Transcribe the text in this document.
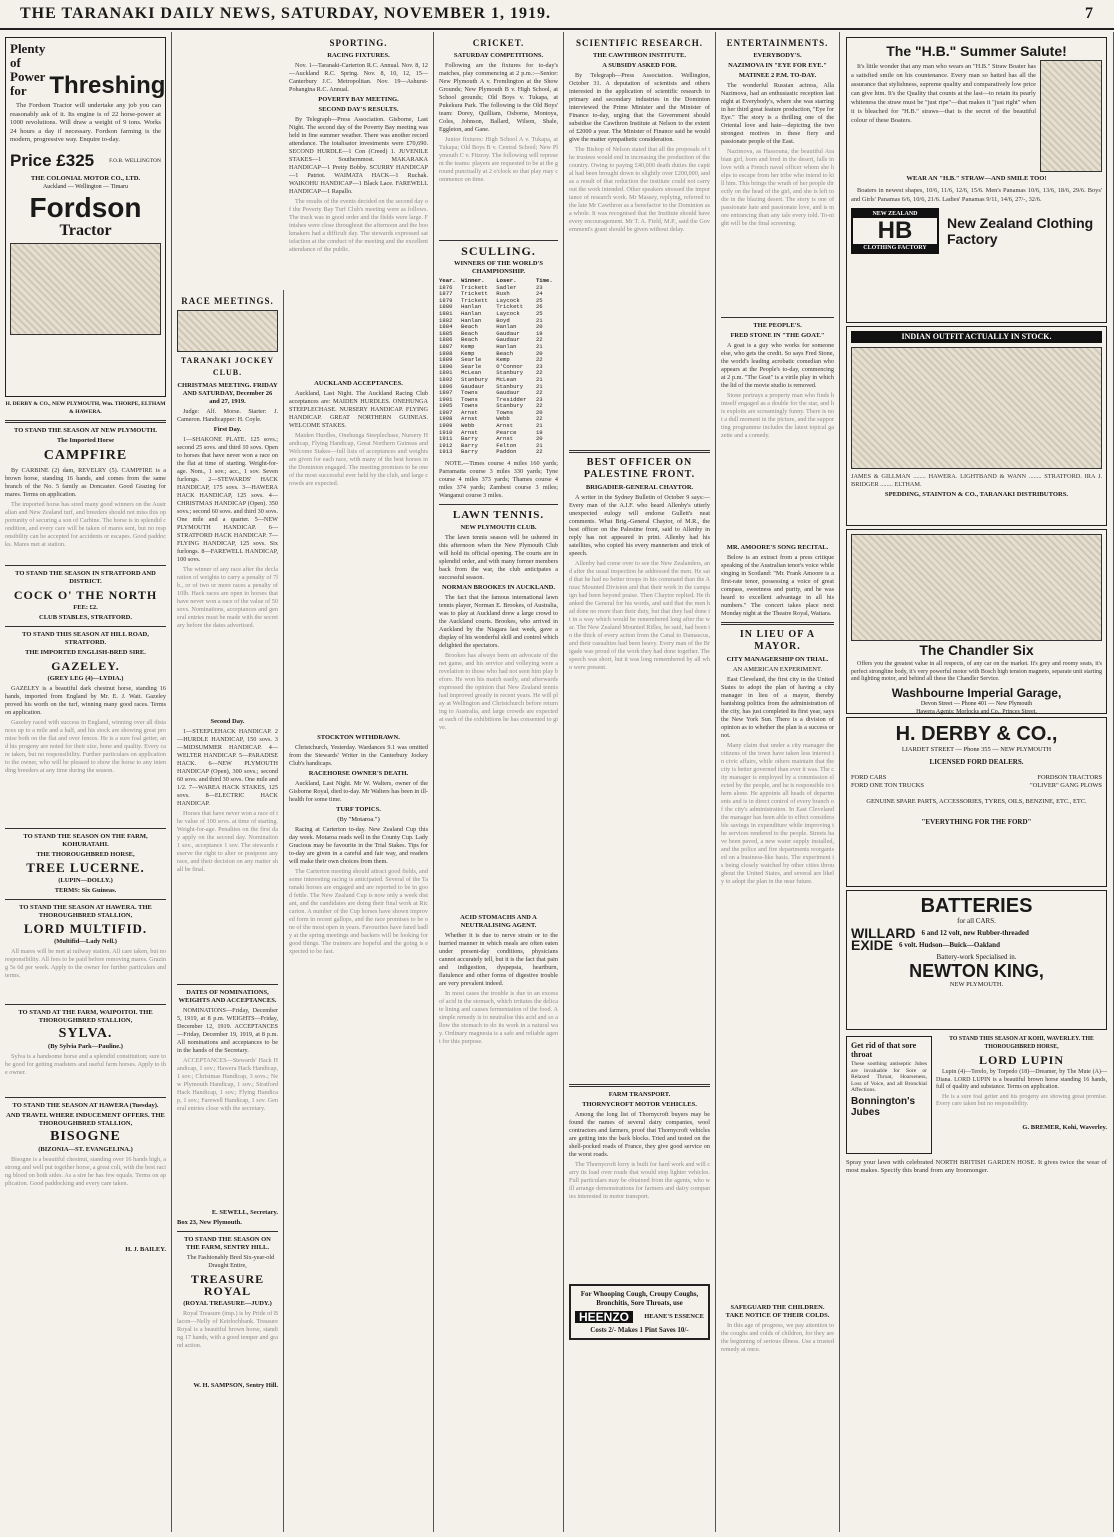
THE TARANAKI DAILY NEWS, SATURDAY, NOVEMBER 1, 1919.	7
Plenty of
Power for Threshing
The Fordson Tractor will undertake any job you can reasonably ask of it. Its engine is of 22 horse-power at 1000 revolutions. Will draw a weight of 9 tons. Works 24 hours a day if necessary. Fordson farming is the modern, progressive way. Enquire to-day.
Price £325	F.O.B. WELLINGTON
THE COLONIAL MOTOR CO., LTD.
Auckland — Wellington — Timaru
Fordson
Tractor
H. DERBY & CO., NEW PLYMOUTH, Wm. THORPE, ELTHAM & HAWERA.
TO STAND THE SEASON AT NEW PLYMOUTH.
The Imported Horse
CAMPFIRE
By CARBINE (2) dam, REVELRY (5). CAMPFIRE is a brown horse, standing 16 hands, and comes from the same branch of the No. 5 family as Doncaster. Good Grazing for mares. Terms on application.
The imported horse has sired many good winners on the Australian and New Zealand turf, and breeders should not miss this opportunity of securing a son of Carbine. The horse is in splendid condition, and every care will be taken of mares sent, but no responsibility can be accepted for accidents or escapes. Good paddocks. Mares met at station.
TO STAND THE SEASON IN STRATFORD AND DISTRICT.
COCK O' THE NORTH
FEE: £2.
CLUB STABLES, STRATFORD.
TO STAND THIS SEASON AT HILL ROAD, STRATFORD.
THE IMPORTED ENGLISH-BRED SIRE.
GAZELEY.
(GREY LEG (4)—LYDIA.)
GAZELEY is a beautiful dark chestnut horse, standing 16 hands, imported from England by Mr. E. J. Watt. Gazeley proved his worth on the turf, winning many good races. Terms on application.
Gazeley raced with success in England, winning over all distances up to a mile and a half, and his stock are showing great promise both on the flat and over fences. He is a sure foal getter, and his progeny are noted for their size, bone and quality. Every care taken, but no responsibility. Further particulars on application to the owner, who will be pleased to show the horse to any intending breeders at any time during the season.
TO STAND THE SEASON ON THE FARM, KOHURATAHI.
THE THOROUGHBRED HORSE,
TREE LUCERNE.
(LUPIN—DOLLY.)
TERMS: Six Guineas.
TO STAND THE SEASON AT HAWERA. THE THOROUGHBRED STALLION,
LORD MULTIFID.
(Multifid—Lady Nell.)
All mares will be met at railway station. All care taken, but no responsibility. All fees to be paid before removing mares. Grazing 5s 6d per week. Apply to the owner for further particulars and terms.
TO STAND AT THE FARM, WAIPOITOI. THE THOROUGHBRED STALLION,
SYLVA.
(By Sylvia Park—Pauline.)
Sylva is a handsome horse and a splendid constitution; sure to be good for getting roadsters and useful farm horses. Apply to the owner.
TO STAND THE SEASON AT HAWERA (Tuesday).
AND TRAVEL WHERE INDUCEMENT OFFERS. THE THOROUGHBRED STALLION,
BISOGNE
(BIZONIA—ST. EVANGELINA.)
Bisogne is a beautiful chestnut, standing over 16 hands high, a strong and well put together horse, a great colt, with the best racing blood on both sides. As a sire he has few equals. Terms on application. Good paddocking and every care taken.
H. J. BAILEY.
RACE MEETINGS.
TARANAKI JOCKEY CLUB.
CHRISTMAS MEETING. FRIDAY AND SATURDAY, December 26 and 27, 1919.
Judge: Alf. Morse. Starter: J. Cameron. Handicapper: H. Coyle.
First Day.
1—SHAKONE PLATE. 125 sovs.; second 25 sovs. and third 10 sovs. Open to horses that have never won a race on the flat at time of starting. Weight-for-age. Nom., 1 sov.; acc., 1 sov. Seven furlongs. 2—STEWARDS' HACK HANDICAP, 175 sovs. 3—HAWERA HACK HANDICAP, 125 sovs. 4—CHRISTMAS HANDICAP (Open). 350 sovs.; second 60 sovs. and third 30 sovs. One mile and a quarter. 5—NEW PLYMOUTH HANDICAP. 6—STRATFORD HACK HANDICAP. 7—FLYING HANDICAP, 125 sovs. Six furlongs. 8—FAREWELL HANDICAP, 100 sovs.
The winner of any race after the declaration of weights to carry a penalty of 7lb., or of two or more races a penalty of 10lb. Hack races are open to horses that have never won a race of the value of 50 sovs. Nominations, acceptances and general entries must be made with the secretary before the dates advertised.
Second Day.
1—STEEPLEHACK HANDICAP. 2—HURDLE HANDICAP, 150 sovs. 3—MIDSUMMER HANDICAP. 4—WELTER HANDICAP. 5—PARADISE HACK. 6—NEW PLYMOUTH HANDICAP (Open), 300 sovs.; second 60 sovs. and third 30 sovs. One mile and 1/2. 7—WAREA HACK STAKES, 125 sovs. 8—ELECTRIC HACK HANDICAP.
Horses that have never won a race of the value of 100 sovs. at time of starting. Weight-for-age. Penalties on the first day apply on the second day. Nomination 1 sov., acceptance 1 sov. The stewards reserve the right to alter or postpone any race, and their decision on any matter shall be final.
DATES OF NOMINATIONS, WEIGHTS AND ACCEPTANCES.
NOMINATIONS—Friday, December 5, 1919, at 8 p.m. WEIGHTS—Friday, December 12, 1919. ACCEPTANCES—Friday, December 19, 1919, at 8 p.m. All nominations and acceptances to be in the hands of the Secretary.
ACCEPTANCES—Stewards' Hack Handicap, 1 sov.; Hawera Hack Handicap, 1 sov.; Christmas Handicap, 3 sovs.; New Plymouth Handicap, 1 sov.; Stratford Hack Handicap, 1 sov.; Flying Handicap, 1 sov.; Farewell Handicap, 1 sov. General entries close with the secretary.
E. SEWELL, Secretary.
Box 23, New Plymouth.
TO STAND THE SEASON ON THE FARM, SENTRY HILL.
The Fashionably Bred Six-year-old Draught Entire,
TREASURE ROYAL
(ROYAL TREASURE—JUDY.)
Royal Treasure (imp.) is by Pride of Blacon—Nelly of Keirlochbank. Treasure Royal is a beautiful brown horse, standing 17 hands, with a good temper and grand action.
W. H. SAMPSON, Sentry Hill.
SPORTING.
RACING FIXTURES.
Nov. 1—Taranaki-Carterton R.C. Annual. Nov. 8, 12—Auckland R.C. Spring. Nov. 8, 10, 12, 15—Canterbury J.C. Metropolitan. Nov. 19—Ashurst-Pohangina R.C. Annual.
POVERTY BAY MEETING.
SECOND DAY'S RESULTS.
By Telegraph—Press Association. Gisborne, Last Night. The second day of the Poverty Bay meeting was held in fine summer weather. There was another record attendance. The totalisator investments were £70,690. SECOND HURDLE—1 Con (Creed) 1. JUVENILE STAKES—1 Southernmost. MAKARAKA HANDICAP—1 Pretty Bobby. SCURRY HANDICAP—1 Patriot. WAIMATA HACK—1 Ruchak. WAIKOHU HANDICAP—1 Black Lace. FAREWELL HANDICAP—1 Rapallo.
The results of the events decided on the second day of the Poverty Bay Turf Club's meeting were as follows. The track was in good order and the fields were large. Finishes were close throughout the afternoon and the bookmakers had a difficult day. The stewards expressed satisfaction at the conduct of the meeting and the excellent attendance of the public.
AUCKLAND ACCEPTANCES.
Auckland, Last Night. The Auckland Racing Club acceptances are: MAIDEN HURDLES. ONEHUNGA STEEPLECHASE. NURSERY HANDICAP. FLYING HANDICAP. GREAT NORTHERN GUINEAS. WELCOME STAKES.
Maiden Hurdles, Onehunga Steeplechase, Nursery Handicap, Flying Handicap, Great Northern Guineas and Welcome Stakes—full lists of acceptances and weights are given for each race, with many of the best horses in the Dominion engaged. The meeting promises to be one of the most successful ever held by the club, and large crowds are expected.
STOCKTON WITHDRAWN.
Christchurch, Yesterday. Wardances 9.1 was omitted from the Stewards' Writer in the Canterbury Jockey Club's handicaps.
RACEHORSE OWNER'S DEATH.
Auckland, Last Night. Mr W. Walters, owner of the Gisborne Royal, died to-day. Mr Walters has been in ill-health for some time.
TURF TOPICS.
(By "Motaroa.")
Racing at Carterton to-day. New Zealand Cup this day week. Motaroa reads well in the County Cup. Lady Gracious may be favourite in the Trial Stakes. Tips for to-day are given in a careful and fair way, and readers will make their own choices from them.
The Carterton meeting should attract good fields, and some interesting racing is anticipated. Several of the Taranaki horses are engaged and are reported to be in good fettle. The New Zealand Cup is now only a week distant, and the candidates are doing their final work at Riccarton. A number of the Cup horses have shown improved form in recent gallops, and the race promises to be one of the most open in years. Favourites have fared badly at the spring meetings and backers will be looking for good things. The trainers are hopeful and the going is expected to be fast.
CRICKET.
SATURDAY COMPETITIONS.
Following are the fixtures for to-day's matches, play commencing at 2 p.m.:—Senior: New Plymouth A v. Fremlington at the Show Grounds; New Plymouth B v. High School, at School grounds; Old Boys v. Tukapa, at Pukekura Park. The following is the Old Boys' team: Dorey, Quilliam, Osborne, Montoya, Coles, Johnson, Ballard, Wilson, Shale, Eggleton, and Gane.
Junior fixtures: High School A v. Tukapa, at Tukapa; Old Boys B v. Central School; New Plymouth C v. Fitzroy. The following will represent the teams: players are requested to be at the ground punctually at 2 o'clock so that play may commence on time.
SCULLING.
WINNERS OF THE WORLD'S CHAMPIONSHIP.
Year.	Winner.	Loser.	Time.
1876	Trickett	Sadler	23
1877	Trickett	Rush	24
1879	Trickett	Laycock	25
1880	Hanlan	Trickett	26
1881	Hanlan	Laycock	25
1882	Hanlan	Boyd	21
1884	Beach	Hanlan	20
1885	Beach	Gaudaur	19
1886	Beach	Gaudaur	22
1887	Kemp	Hanlan	21
1888	Kemp	Beach	20
1889	Searle	Kemp	22
1890	Searle	O'Connor	23
1891	McLean	Stanbury	22
1892	Stanbury	McLean	21
1896	Gaudaur	Stanbury	21
1897	Towns	Gaudaur	22
1901	Towns	Tresidder	23
1905	Towns	Stanbury	22
1907	Arnst	Towns	20
1908	Arnst	Webb	22
1909	Webb	Arnst	21
1910	Arnst	Pearce	19
1911	Barry	Arnst	20
1912	Barry	Felton	21
1913	Barry	Paddon	22
NOTE.—Times course 4 miles 160 yards; Parramatta course 3 miles 330 yards; Tyne course 4 miles 373 yards; Thames course 4 miles 374 yards; Zambesi course 3 miles; Wanganui course 3 miles.
LAWN TENNIS.
NEW PLYMOUTH CLUB.
The lawn tennis season will be ushered in this afternoon when the New Plymouth Club will hold its official opening. The courts are in splendid order, and with many former members back from the war, the club anticipates a successful season.
NORMAN BROOKES IN AUCKLAND.
The fact that the famous international lawn tennis player, Norman E. Brookes, of Australia, was to play at Auckland drew a large crowd to the Auckland courts. Brookes, who arrived in Auckland by the Niagara last week, gave a display of his wonderful skill and control which delighted the spectators.
Brookes has always been an advocate of the net game, and his service and volleying were a revelation to those who had not seen him play before. He won his match easily, and afterwards expressed the opinion that New Zealand tennis had improved greatly in recent years. He will play at Wellington and Christchurch before returning to Australia, and large crowds are expected at each of the exhibitions he has consented to give.
ACID STOMACHS AND A NEUTRALISING AGENT.
Whether it is due to nerve strain or to the hurried manner in which meals are often eaten under present-day conditions, physicians cannot accurately tell, but it is the fact that pain and indigestion, dyspepsia, heartburn, flatulence and other forms of digestive trouble are very prevalent indeed.
In most cases the trouble is due to an excess of acid in the stomach, which irritates the delicate lining and causes fermentation of the food. A simple remedy is to neutralise this acid and so allow the stomach to do its work in a natural way. Ordinary magnesia is a safe and reliable agent for this purpose.
SCIENTIFIC RESEARCH.
THE CAWTHRON INSTITUTE.
A SUBSIDY ASKED FOR.
By Telegraph—Press Association. Wellington, October 31. A deputation of scientists and others interested in the application of scientific research to primary and secondary industries in the Dominion interviewed the Prime Minister and the Minister of Finance to-day, urging that the Government should subsidise the Cawthron Institute at Nelson to the extent of £2000 a year. The Minister of Finance said he would give the matter sympathetic consideration.
The Bishop of Nelson stated that all the proposals of the trustees would end in increasing the production of the country. Owing to paying £40,000 death duties the capital had been brought down to slightly over £200,000, and as a result of that reduction the institute could not carry out the work intended. Other speakers stressed the importance of research work. Mr Massey, replying, referred to the late Mr Cawthron as a benefactor to the Dominion as a whole. It was recognised that the Institute should have every encouragement. Mr T. A. Field, M.P., said the Government's grant should be given without delay.
BEST OFFICER ON PALESTINE FRONT.
BRIGADIER-GENERAL CHAYTOR.
A writer in the Sydney Bulletin of October 9 says:— Every man of the A.I.F. who heard Allenby's utterly unexpected eulogy will endorse Gullett's neat comments. What Brig.-General Chaytor, of M.R., the best officer on the Palestine front, said to Allenby in reply has not appeared in print. Allenby had his satellites, who copied his every mannerism and trick of speech.
Allenby had come over to see the New Zealanders, and after the usual inspection he addressed the men. He said that he had no better troops in his command than the Anzac Mounted Division and that their work in the campaign had been beyond praise. Then Chaytor replied. He thanked the General for his words, and said that the men had done no more than their duty, but that they had done it in a way which would be remembered long after the war. The New Zealand Mounted Rifles, he said, had been in the thick of every action from the Canal to Damascus, and their casualties had been heavy. Every man of the Brigade was proud of the work they had done together. The speech was short, but it was long remembered by all who were present.
FARM TRANSPORT.
THORNYCROFT MOTOR VEHICLES.
Among the long list of Thornycroft buyers may be found the names of several dairy companies, wool contractors and farmers, proof that Thornycroft vehicles are getting into the back blocks. Tried and tested on the shell-pocked roads of France, they give good service on the worst roads.
The Thornycroft lorry is built for hard work and will carry its load over roads that would stop lighter vehicles. Full particulars may be obtained from the agents, who will arrange demonstrations for farmers and dairy companies interested in motor transport.
For Whooping Cough, Croupy Coughs, Bronchitis, Sore Throats, use
HEENZO	HEANE'S ESSENCE
Costs 2/- Makes 1 Pint Saves 10/-
ENTERTAINMENTS.
EVERYBODY'S.
NAZIMOVA IN "EYE FOR EYE."
MATINEE 2 P.M. TO-DAY.
The wonderful Russian actress, Alla Nazimova, had an enthusiastic reception last night at Everybody's, where she was starring in her third great feature production, "Eye for Eye." The story is a thrilling one of the Oriental love and hate—depicting the two strongest motives in these fiery and passionate people of the East.
Nazimova, as Hassouna, the beautiful Arabian girl, born and bred in the desert, falls in love with a French naval officer whom she helps to escape from her tribe who intend to kill him. This brings the wrath of her people directly on the head of the girl, and she is left to die in the blazing desert. The story is one of passionate hate and passionate love, and is more entrancing than any tale every told. To-night will be the final screening.
THE PEOPLE'S.
FRED STONE IN "THE GOAT."
A goat is a guy who works for someone else, who gets the credit. So says Fred Stone, the world's leading acrobatic comedian who appears at the People's to-day, commencing at 2 p.m. "The Goat" is a virile play in which the lid of the movie studio is removed.
Stone portrays a property man who finds himself engaged as a double for the star, and his exploits are screamingly funny. There is not a dull moment in the picture, and the supporting programme includes the latest topical gazette and a comedy.
MR. AMOORE'S SONG RECITAL.
Below is an extract from a press critique speaking of the Australian tenor's voice while singing in Scotland: "Mr. Frank Amoore is a first-rate tenor, possessing a voice of great compass, sweetness and purity, and he was heard to excellent advantage in all his numbers." The concert takes place next Monday night at the Theatre Royal, Waitara.
IN LIEU OF A MAYOR.
CITY MANAGERSHIP ON TRIAL.
AN AMERICAN EXPERIMENT.
East Cleveland, the first city in the United States to adopt the plan of having a city manager in lieu of a mayor, thereby banishing politics from the administration of the city, has just completed its first year, says the New York Sun. There is a division of opinion as to whether the plan is a success or not.
Many claim that under a city manager the citizens of the town have taken less interest in civic affairs, while others maintain that the city is better governed than ever it was. The city manager is employed by a commission elected by the people, and he is responsible to them alone. He appoints all heads of departments and is in direct control of every branch of the city's administration. In East Cleveland the manager has been able to effect considerable savings in expenditure while improving the services rendered to the people. Streets have been paved, a new water supply installed, and the police and fire departments reorganised on a business-like basis. The experiment is being closely watched by other cities throughout the United States, and several are likely to adopt the plan in the near future.
SAFEGUARD THE CHILDREN. TAKE NOTICE OF THEIR COLDS.
In this age of progress, we pay attention to the coughs and colds of children, for they are the beginning of serious illness. Use a trusted remedy at once.
The "H.B." Summer Salute!
It's little wonder that any man who wears an "H.B." Straw Boater has a satisfied smile on his countenance. Every man so hatted has all the assurance that stylishness, supreme quality and comparatively low price can give him. It's the Quality that counts at the last—to retain its pearly whiteness the straw must be "just ripe"—that makes it "just right" when it is bleached for "H.B." straws—that is the secret of the beautiful colour of these Boaters.
WEAR AN "H.B." STRAW—AND SMILE TOO!
Boaters in newest shapes, 10/6, 11/6, 12/6, 15/6. Men's Panamas 10/6, 13/6, 18/6, 29/6. Boys' and Girls' Panamas 6/6, 10/6, 21/6. Ladies' Panamas 9/11, 14/6, 27/-, 32/6.
NEW ZEALAND
HB
CLOTHING FACTORY
New Zealand Clothing Factory
INDIAN OUTFIT ACTUALLY IN STOCK.
JAMES & GILLMAN ........ HAWERA. LIGHTBAND & WANN ........ STRATFORD. IRA J. BRIDGER ........ ELTHAM.
SPEDDING, STAINTON & CO., TARANAKI DISTRIBUTORS.
The Chandler Six
Offers you the greatest value in all respects, of any car on the market. It's grey and roomy seats, it's perfect strongline body, it's very powerful motor with Bosch high tension magneto, separate unit starting and lighting motor, and behind all these the Chandler Service.
Washbourne Imperial Garage,
Devon Street — Phone 401 — New Plymouth
Hawera Agents: Morlocks and Co., Princes Street.
H. DERBY & CO.,
LIARDET STREET — Phone 355 — NEW PLYMOUTH
LICENSED FORD DEALERS.
FORD CARS	FORDSON TRACTORS
FORD ONE TON TRUCKS	"OLIVER" GANG PLOWS
GENUINE SPARE PARTS, ACCESSORIES, TYRES, OILS, BENZINE, ETC., ETC.
"EVERYTHING FOR THE FORD"
BATTERIES
for all CARS.
WILLARD 6 and 12 volt, new Rubber-threaded
EXIDE 6 volt. Hudson—Buick—Oakland
Battery-work Specialised in.
NEWTON KING,
NEW PLYMOUTH.
Get rid of that sore throat
These soothing antiseptic Jubes are invaluable for Sore or Relaxed Throat, Hoarseness, Loss of Voice, and all Bronchial Affections.
Bonnington's Jubes
TO STAND THIS SEASON AT KOHI, WAVERLEY. THE THOROUGHBRED HORSE,
LORD LUPIN
Lupin (4)—Terelo, by Torpedo (18)—Dreamer, by The Mute (A)—Diana. LORD LUPIN is a beautiful brown horse standing 16 hands, full of quality and substance. Terms on application.
He is a sure foal getter and his progeny are showing great promise. Every care taken but no responsibility.
G. BREMER, Kohi, Waverley.
Spray your lawn with celebrated NORTH BRITISH GARDEN HOSE. It gives twice the wear of most makes. Specify this brand from any Ironmonger.
